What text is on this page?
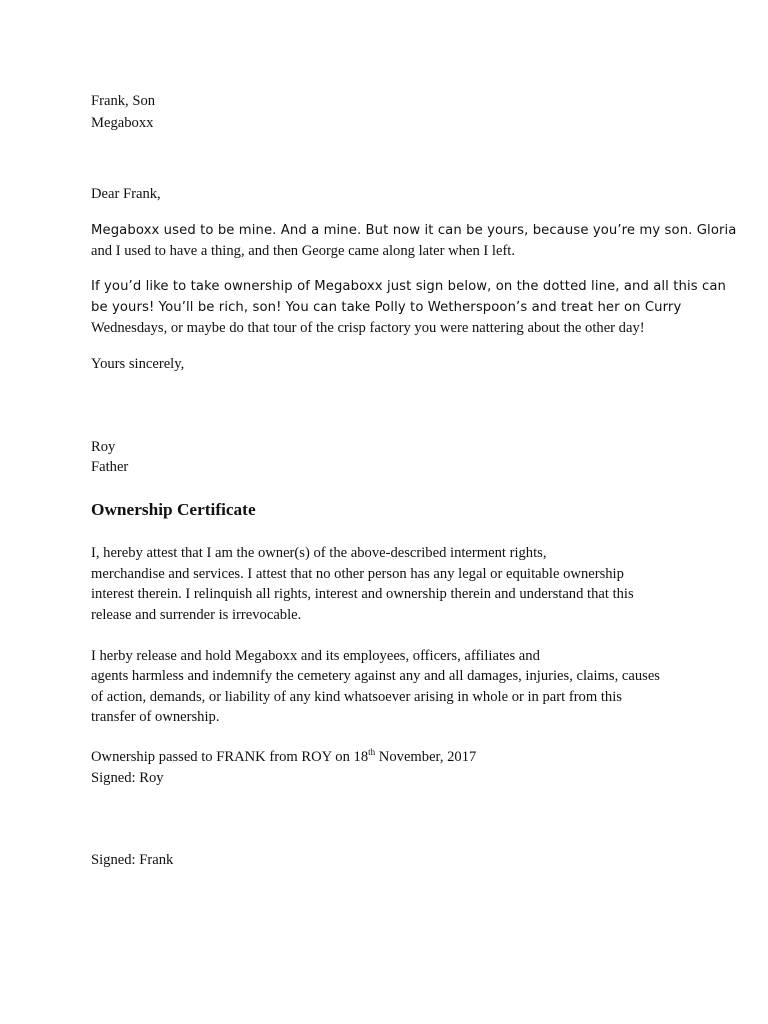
Frank, Son
Megaboxx
Dear Frank,
Megaboxx used to be mine. And a mine. But now it can be yours, because you’re my son. Gloria
and I used to have a thing, and then George came along later when I left.
If you’d like to take ownership of Megaboxx just sign below, on the dotted line, and all this can
be yours! You’ll be rich, son! You can take Polly to Wetherspoon’s and treat her on Curry
Wednesdays, or maybe do that tour of the crisp factory you were nattering about the other day!
Yours sincerely,
Roy
Father
Ownership Certificate
I, hereby attest that I am the owner(s) of the above-described interment rights,
merchandise and services. I attest that no other person has any legal or equitable ownership
interest therein. I relinquish all rights, interest and ownership therein and understand that this
release and surrender is irrevocable.
I herby release and hold Megaboxx and its employees, officers, affiliates and
agents harmless and indemnify the cemetery against any and all damages, injuries, claims, causes
of action, demands, or liability of any kind whatsoever arising in whole or in part from this
transfer of ownership.
Ownership passed to FRANK from ROY on 18th November, 2017
Signed: Roy
Signed: Frank
